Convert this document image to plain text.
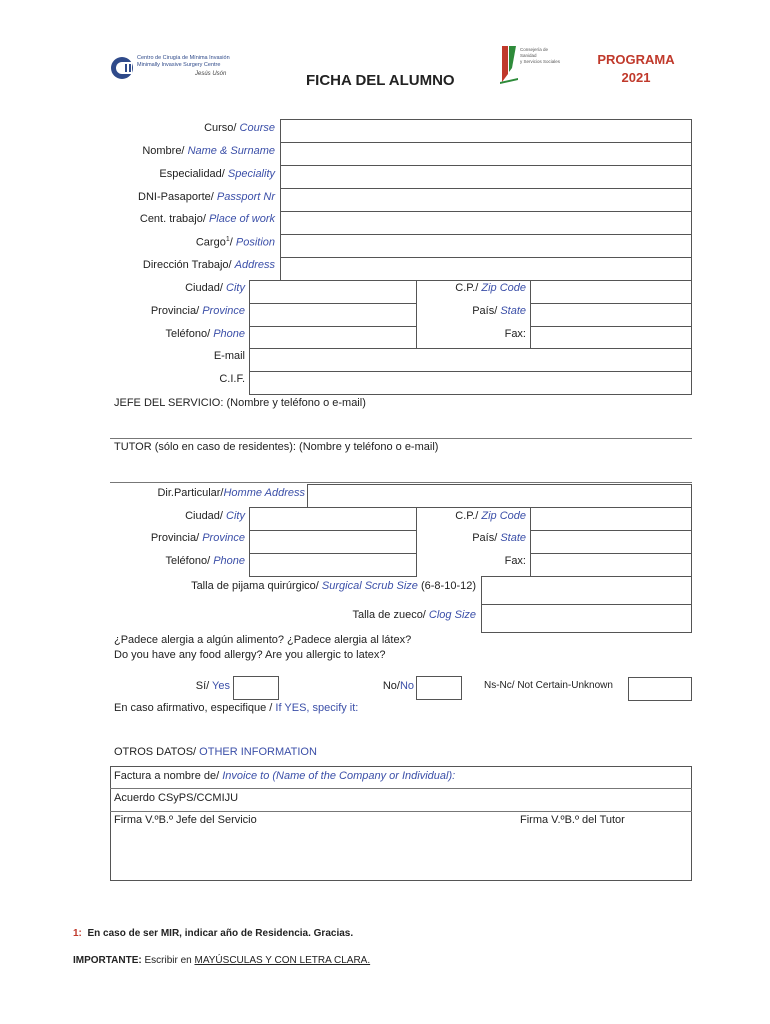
Centro de Cirugía de Mínima Invasión
Minimally Invasive Surgery Centre
Jesús Usón	FICHA DEL ALUMNO
Consejería de
Sanidad
y Servicios Sociales	PROGRAMA
2021
Curso/ Course
Nombre/ Name & Surname
Especialidad/ Speciality
DNI-Pasaporte/ Passport Nr
Cent. trabajo/ Place of work
Cargo$^1$/ Position
Dirección Trabajo/ Address
Ciudad/ City	C.P./ Zip Code
Provincia/ Province	País/ State
Teléfono/ Phone	Fax:
E-mail
C.I.F.
JEFE DEL SERVICIO: (Nombre y teléfono o e-mail)
TUTOR (sólo en caso de residentes): (Nombre y teléfono o e-mail)
Dir.Particular/Homme Address
Ciudad/ City	C.P./ Zip Code
Provincia/ Province	País/ State
Teléfono/ Phone	Fax:
Talla de pijama quirúrgico/ Surgical Scrub Size (6-8-10-12)
Talla de zueco/ Clog Size
¿Padece alergia a algún alimento? ¿Padece alergia al látex?
Do you have any food allergy? Are you allergic to latex?
Sí/ Yes	No/No	Ns-Nc/ Not Certain-Unknown
En caso afirmativo, especifique / If YES, specify it:
OTROS DATOS/ OTHER INFORMATION
Factura a nombre de/ Invoice to (Name of the Company or Individual):
Acuerdo CSyPS/CCMIJU
Firma V.ºB.º Jefe del Servicio	Firma V.ºB.º del Tutor
1: En caso de ser MIR, indicar año de Residencia. Gracias.
IMPORTANTE: Escribir en MAYÚSCULAS Y CON LETRA CLARA.
